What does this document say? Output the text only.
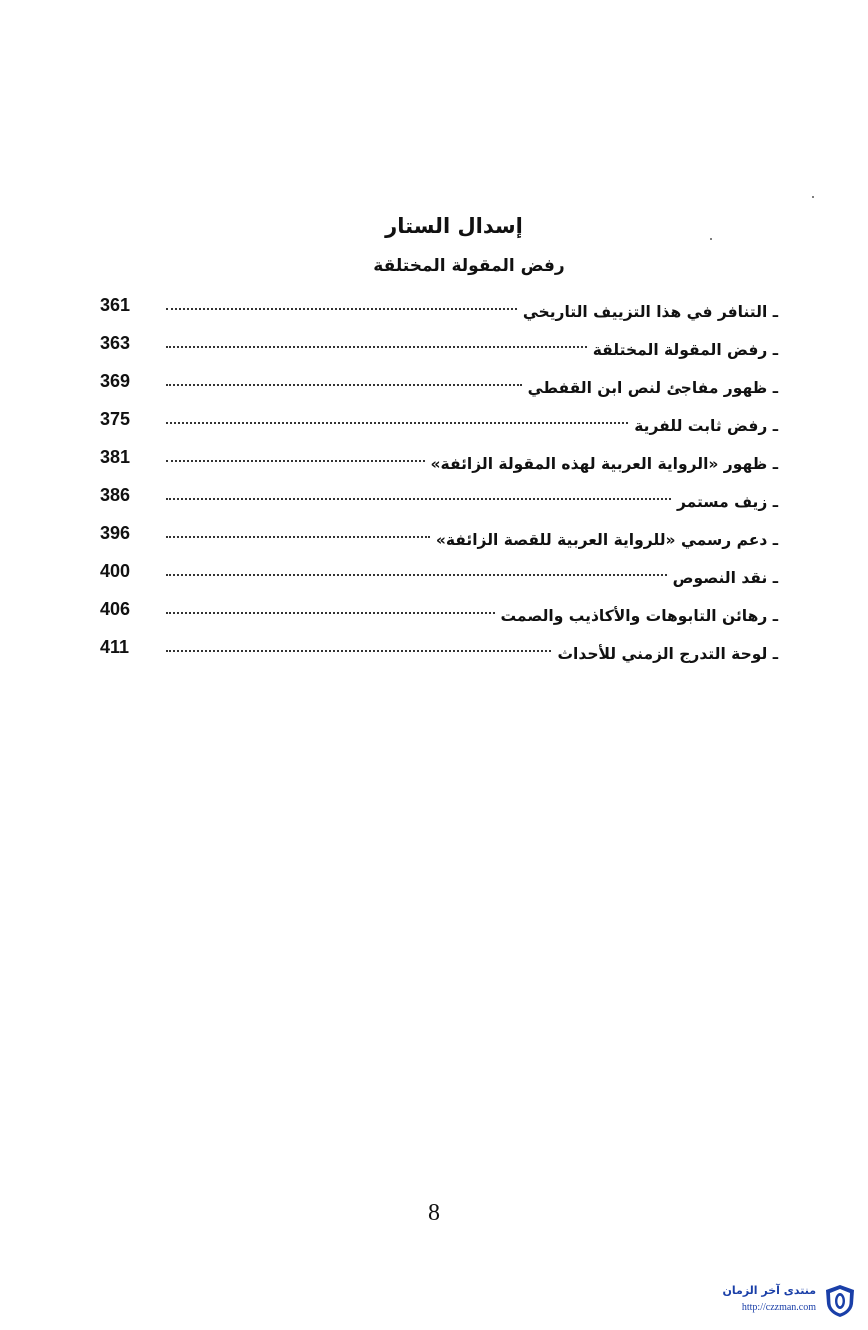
إسدال الستار
رفض المقولة المختلقة
361	ـ التنافر في هذا التزييف التاريخي
363	ـ رفض المقولة المختلقة
369	ـ ظهور مفاجئ لنص ابن القفطي
375	ـ رفض ثابت للفرية
381	ـ ظهور «الرواية العربية لهذه المقولة الزائفة»
386	ـ زيف مستمر
396	ـ دعم رسمي «للرواية العربية للقصة الزائفة»
400	ـ نقد النصوص
406	ـ رهائن التابوهات والأكاذيب والصمت
411	ـ لوحة التدرج الزمني للأحداث
8
منتدى آخر الزمان
http://czzman.com
